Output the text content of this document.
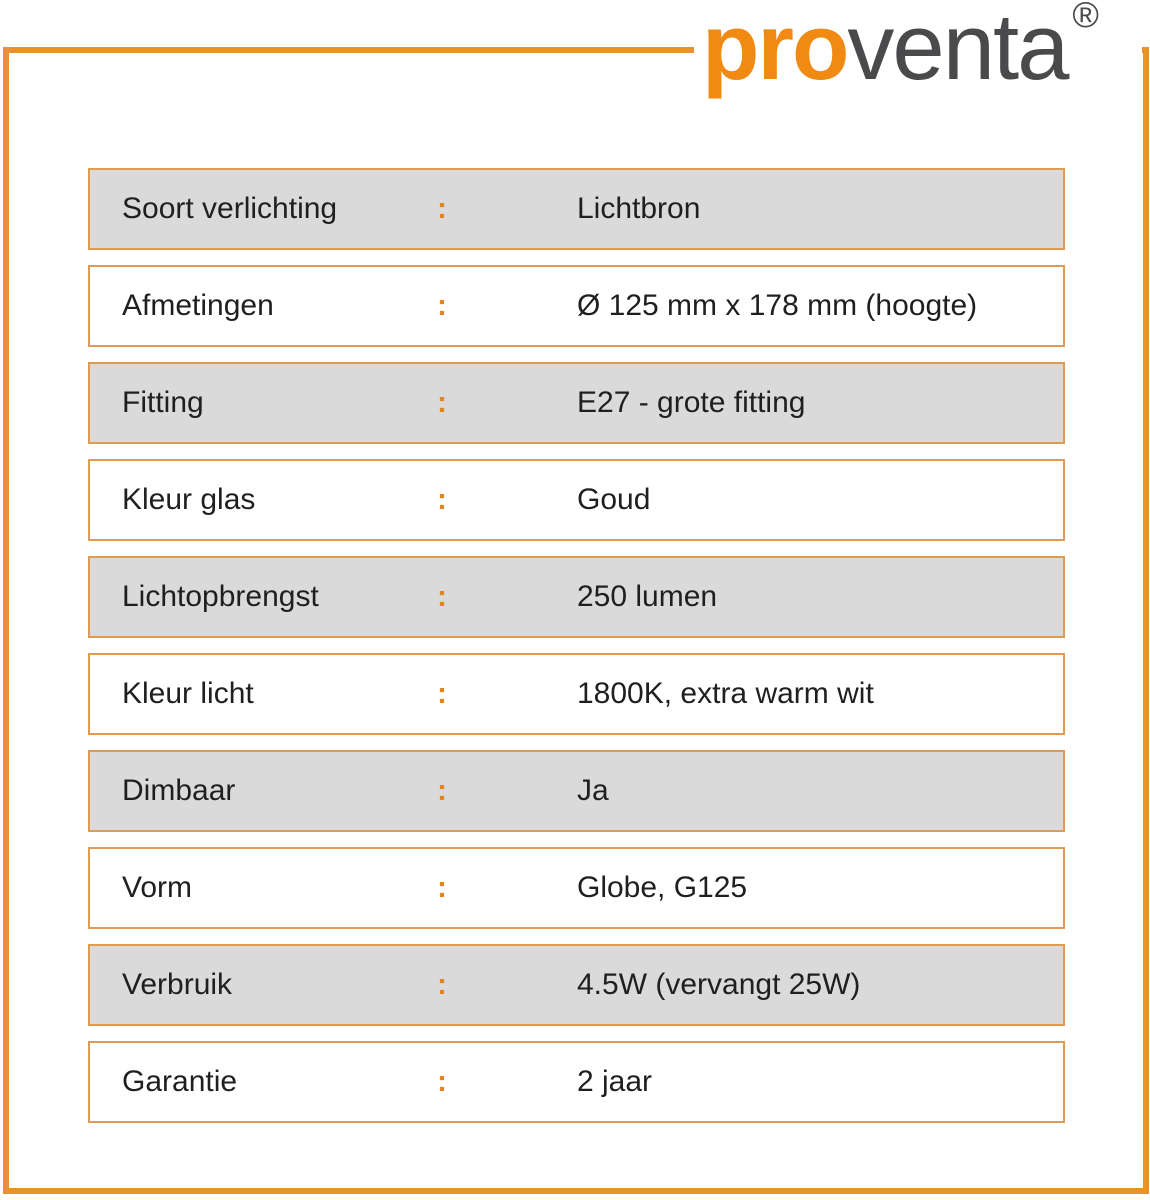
proventa ®
Soort verlichting	:	Lichtbron
Afmetingen	:	Ø 125 mm x 178 mm (hoogte)
Fitting	:	E27 - grote fitting
Kleur glas	:	Goud
Lichtopbrengst	:	250 lumen
Kleur licht	:	1800K, extra warm wit
Dimbaar	:	Ja
Vorm	:	Globe, G125
Verbruik	:	4.5W (vervangt 25W)
Garantie	:	2 jaar
